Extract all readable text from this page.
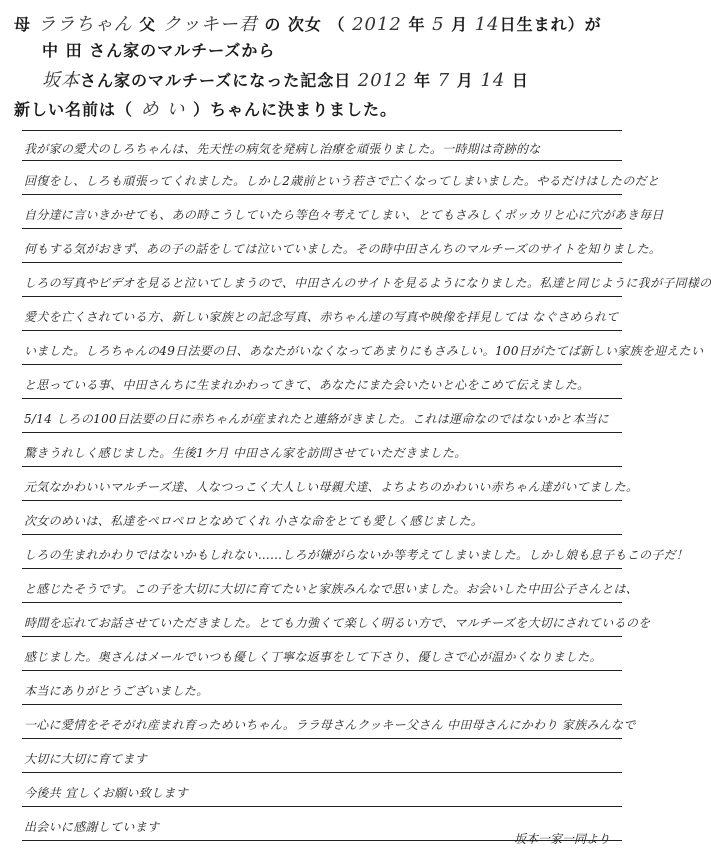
母 ララちゃん 父 クッキー君 の 次女 （ 2012 年 5 月 14日生まれ）が
中 田 さん家のマルチーズから
坂本さん家のマルチーズになった記念日 2012 年 7 月 14 日
新しい名前は（ め い ）ちゃんに決まりました。
我が家の愛犬のしろちゃんは、先天性の病気を発病し治療を頑張りました。一時期は奇跡的な
回復をし、しろも頑張ってくれました。しかし2歳前という若さで亡くなってしまいました。やるだけはしたのだと
自分達に言いきかせても、あの時こうしていたら等色々考えてしまい、とてもさみしくポッカリと心に穴があき毎日
何もする気がおきず、あの子の話をしては泣いていました。その時中田さんちのマルチーズのサイトを知りました。
しろの写真やビデオを見ると泣いてしまうので、中田さんのサイトを見るようになりました。私達と同じように我が子同様の
愛犬を亡くされている方、新しい家族との記念写真、赤ちゃん達の写真や映像を拝見しては なぐさめられて
いました。しろちゃんの49日法要の日、あなたがいなくなってあまりにもさみしい。100日がたてば新しい家族を迎えたい
と思っている事、中田さんちに生まれかわってきて、あなたにまた会いたいと心をこめて伝えました。
5/14 しろの100日法要の日に赤ちゃんが産まれたと連絡がきました。これは運命なのではないかと本当に
驚きうれしく感じました。生後1ケ月 中田さん家を訪問させていただきました。
元気なかわいいマルチーズ達、人なつっこく大人しい母親犬達、よちよちのかわいい赤ちゃん達がいてました。
次女のめいは、私達をペロペロとなめてくれ 小さな命をとても愛しく感じました。
しろの生まれかわりではないかもしれない……しろが嫌がらないか等考えてしまいました。しかし娘も息子もこの子だ！
と感じたそうです。この子を大切に大切に育てたいと家族みんなで思いました。お会いした中田公子さんとは、
時間を忘れてお話させていただきました。とても力強くて楽しく明るい方で、マルチーズを大切にされているのを
感じました。奥さんはメールでいつも優しく丁寧な返事をして下さり、優しさで心が温かくなりました。
本当にありがとうございました。
一心に愛情をそそがれ産まれ育っためいちゃん。ララ母さんクッキー父さん 中田母さんにかわり 家族みんなで
大切に大切に育てます
今後共 宜しくお願い致します
出会いに感謝しています
坂本一家一同より
